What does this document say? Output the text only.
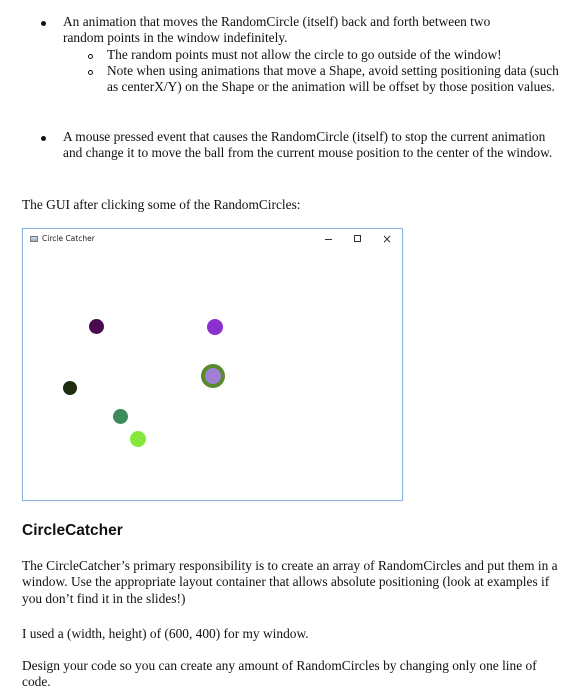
An animation that moves the RandomCircle (itself) back and forth between two random points in the window indefinitely.
The random points must not allow the circle to go outside of the window!
Note when using animations that move a Shape, avoid setting positioning data (such as centerX/Y) on the Shape or the animation will be offset by those position values.
A mouse pressed event that causes the RandomCircle (itself) to stop the current animation and change it to move the ball from the current mouse position to the center of the window.
The GUI after clicking some of the RandomCircles:
Circle Catcher	×
CircleCatcher
The CircleCatcher’s primary responsibility is to create an array of RandomCircles and put them in a window. Use the appropriate layout container that allows absolute positioning (look at examples if you don’t find it in the slides!)
I used a (width, height) of (600, 400) for my window.
Design your code so you can create any amount of RandomCircles by changing only one line of code.
